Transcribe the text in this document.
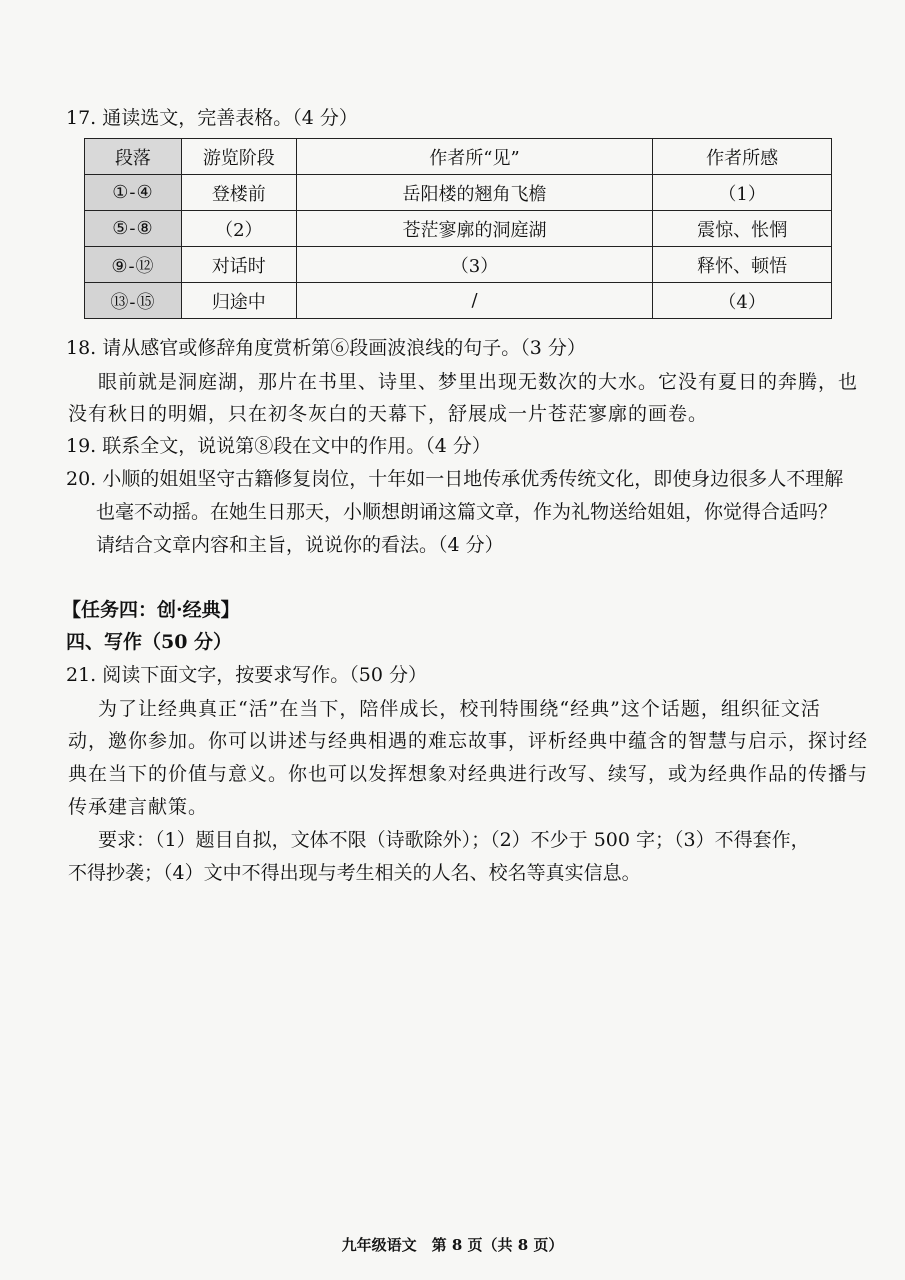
17. 通读选文，完善表格。（4 分）
段落	游览阶段	作者所“见”	作者所感
①-④	登楼前	岳阳楼的翘角飞檐	（1）
⑤-⑧	（2）	苍茫寥廓的洞庭湖	震惊、怅惘
⑨-⑫	对话时	（3）	释怀、顿悟
⑬-⑮	归途中	/	（4）
18. 请从感官或修辞角度赏析第⑥段画波浪线的句子。（3 分）
眼前就是洞庭湖，那片在书里、诗里、梦里出现无数次的大水。它没有夏日的奔腾，也
没有秋日的明媚，只在初冬灰白的天幕下，舒展成一片苍茫寥廓的画卷。
19. 联系全文，说说第⑧段在文中的作用。（4 分）
20. 小顺的姐姐坚守古籍修复岗位，十年如一日地传承优秀传统文化，即使身边很多人不理解
也毫不动摇。在她生日那天，小顺想朗诵这篇文章，作为礼物送给姐姐，你觉得合适吗？
请结合文章内容和主旨，说说你的看法。（4 分）
【任务四：创·经典】
四、写作（50 分）
21. 阅读下面文字，按要求写作。（50 分）
为了让经典真正“活”在当下，陪伴成长，校刊特围绕“经典”这个话题，组织征文活
动，邀你参加。你可以讲述与经典相遇的难忘故事，评析经典中蕴含的智慧与启示，探讨经
典在当下的价值与意义。你也可以发挥想象对经典进行改写、续写，或为经典作品的传播与
传承建言献策。
要求：（1）题目自拟，文体不限（诗歌除外）；（2）不少于 500 字；（3）不得套作，
不得抄袭；（4）文中不得出现与考生相关的人名、校名等真实信息。
九年级语文　第 8 页（共 8 页）
